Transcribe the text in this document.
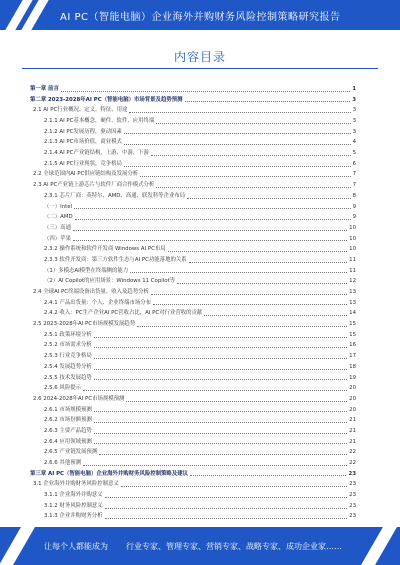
AI PC（智能电脑）企业海外并购财务风险控制策略研究报告
内容目录
第一章 前言	1
第二章 2023-2028年AI PC（智能电脑）市场背景及趋势预测	3
2.1 AI PC行业概况、定义、特征、用途	3
2.1.1 AI PC基本概念，硬件、软件、应用终端	3
2.1.2 AI PC发展历程，驱动因素	3
2.1.3 AI PC市场价值，商业模式	4
2.1.4 AI PC产业链结构，上游、中游、下游	5
2.1.5 AI PC行业现状，竞争格局	6
2.2 全球范围内AI PC供应链结构及发展分析	7
2.3 AI PC产业链上游芯片与软件厂商合作模式分析	7
2.3.1 芯片厂商：英特尔、AMD、高通、联发科等企业布局	8
（一）Intel	9
（二）AMD	9
（三）高通	10
（四）苹果	10
2.3.2 操作系统和软件开发商 Windows AI PC布局	10
2.3.3 软件开发商：第三方软件生态与AI PC功能落地的关系	11
（1）多模态AI模型在终端侧的能力	11
（2）AI Copilot的应用场景：Windows 11 Copilot等	12
2.4 全球AI PC终端设备出货量、收入及趋势分析	13
2.4.1 产品出货量：个人、企业终端市场分布	13
2.4.2 收入：PC生产企业AI PC营收占比，AI PC对行业营收的贡献	14
2.5 2023-2028年AI PC市场规模发展趋势	15
2.5.1 政策环境分析	15
2.5.2 市场需求分析	16
2.5.3 行业竞争格局	17
2.5.4 发展趋势分析	18
2.5.5 技术发展趋势	19
2.5.6 风险提示	20
2.6 2024-2028年AI PC市场规模预测	20
2.6.1 市场规模预测	20
2.6.2 市场份额预测	21
2.6.3 主要产品趋势	21
2.6.4 应用领域预测	21
2.6.5 产业链发展预测	22
2.6.6 其他预测	22
第三章 AI PC（智能电脑）企业海外并购财务风险控制策略及建议	23
3.1 企业海外并购财务风险控制意义	23
3.1.1 企业海外并购意义	23
3.1.2 财务风险控制意义	23
3.1.3 企业并购财务分析	23
让每个人都能成为 行业专家、管理专家、营销专家、战略专家、成功企业家……
